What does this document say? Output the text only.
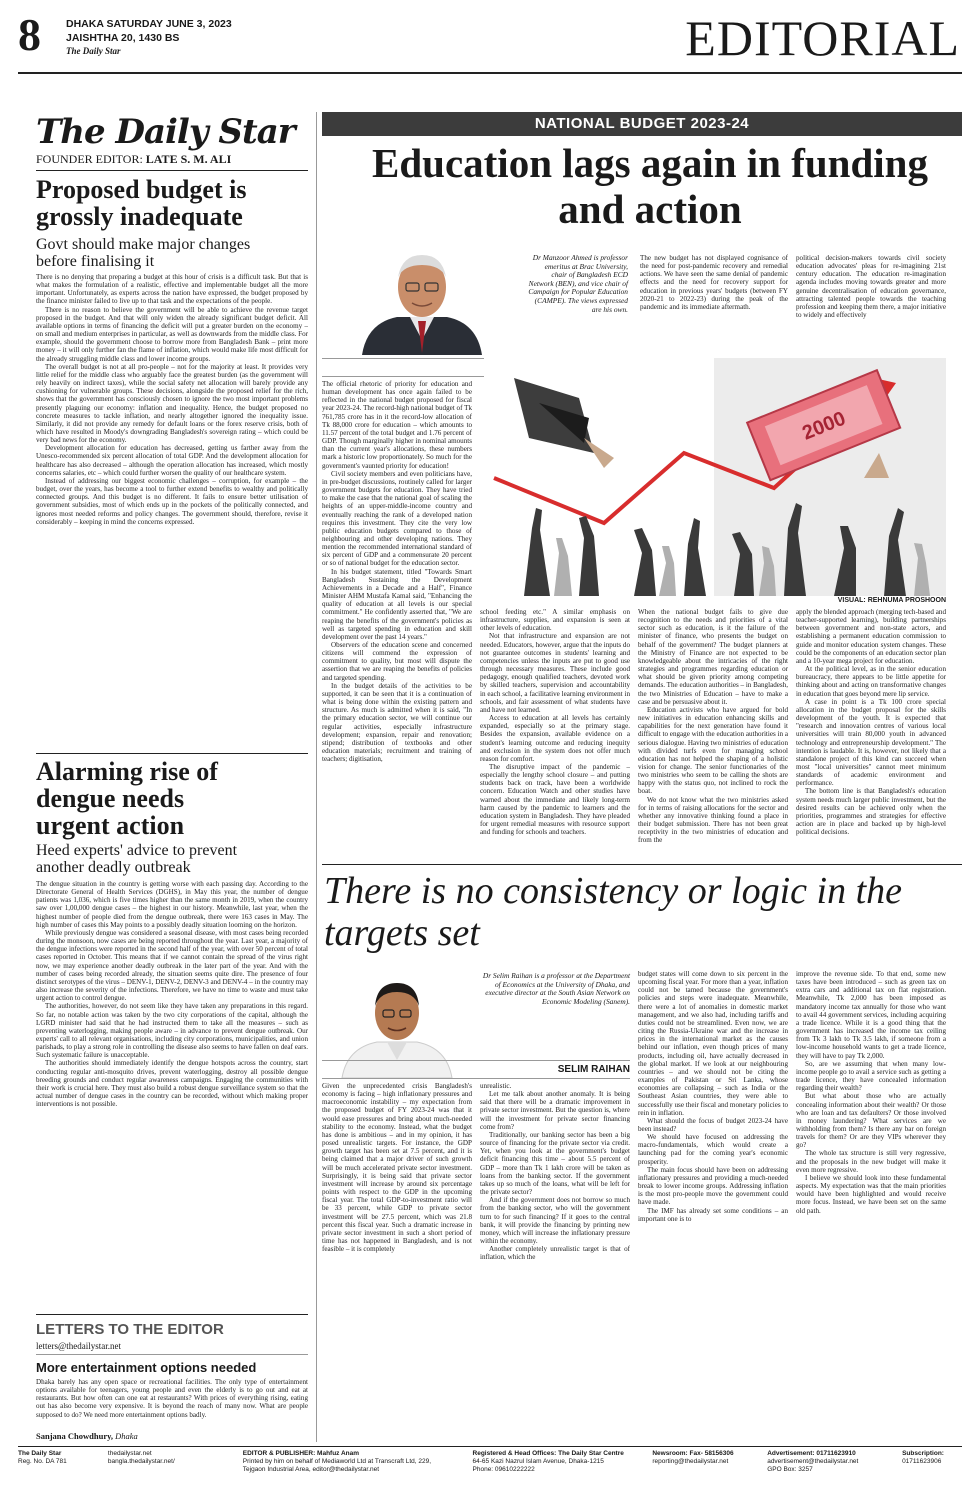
8 DHAKA SATURDAY JUNE 3, 2023
JAISHTHA 20, 1430 BS
The Daily Star	EDITORIAL
The Daily Star
FOUNDER EDITOR: LATE S. M. ALI
Proposed budget is grossly inadequate
Govt should make major changes before finalising it

There is no denying that preparing a budget at this hour of crisis is a difficult task. But that is what makes the formulation of a realistic, effective and implementable budget all the more important. Unfortunately, as experts across the nation have expressed, the budget proposed by the finance minister failed to live up to that task and the expectations of the people.

There is no reason to believe the government will be able to achieve the revenue target proposed in the budget. And that will only widen the already significant budget deficit. All available options in terms of financing the deficit will put a greater burden on the economy – on small and medium enterprises in particular, as well as downwards from the middle class. For example, should the government choose to borrow more from Bangladesh Bank – print more money – it will only further fan the flame of inflation, which would make life most difficult for the already struggling middle class and lower income groups.

The overall budget is not at all pro-people – not for the majority at least. It provides very little relief for the middle class who arguably face the greatest burden (as the government will rely heavily on indirect taxes), while the social safety net allocation will barely provide any cushioning for vulnerable groups. These decisions, alongside the proposed relief for the rich, shows that the government has consciously chosen to ignore the two most important problems presently plaguing our economy: inflation and inequality. Hence, the budget proposed no concrete measures to tackle inflation, and nearly altogether ignored the inequality issue. Similarly, it did not provide any remedy for default loans or the forex reserve crisis, both of which have resulted in Moody's downgrading Bangladesh's sovereign rating – which could be very bad news for the economy.

Development allocation for education has decreased, getting us farther away from the Unesco-recommended six percent allocation of total GDP. And the development allocation for healthcare has also decreased – although the operation allocation has increased, which mostly concerns salaries, etc – which could further worsen the quality of our healthcare system.

Instead of addressing our biggest economic challenges – corruption, for example – the budget, over the years, has become a tool to further extend benefits to wealthy and politically connected groups. And this budget is no different. It fails to ensure better utilisation of government subsidies, most of which ends up in the pockets of the politically connected, and ignores most needed reforms and policy changes. The government should, therefore, revise it considerably – keeping in mind the concerns expressed.

Alarming rise of dengue needs urgent action
Heed experts' advice to prevent another deadly outbreak

The dengue situation in the country is getting worse with each passing day. According to the Directorate General of Health Services (DGHS), in May this year, the number of dengue patients was 1,036, which is five times higher than the same month in 2019, when the country saw over 1,00,000 dengue cases – the highest in our history. Meanwhile, last year, when the highest number of people died from the dengue outbreak, there were 163 cases in May. The high number of cases this May points to a possibly deadly situation looming on the horizon.

While previously dengue was considered a seasonal disease, with most cases being recorded during the monsoon, now cases are being reported throughout the year. Last year, a majority of the dengue infections were reported in the second half of the year, with over 50 percent of total cases reported in October. This means that if we cannot contain the spread of the virus right now, we may experience another deadly outbreak in the later part of the year. And with the number of cases being recorded already, the situation seems quite dire. The presence of four distinct serotypes of the virus – DENV-1, DENV-2, DENV-3 and DENV-4 – in the country may also increase the severity of the infections. Therefore, we have no time to waste and must take urgent action to control dengue.

The authorities, however, do not seem like they have taken any preparations in this regard. So far, no notable action was taken by the two city corporations of the capital, although the LGRD minister had said that he had instructed them to take all the measures – such as preventing waterlogging, making people aware – in advance to prevent dengue outbreak. Our experts' call to all relevant organisations, including city corporations, municipalities, and union parishads, to play a strong role in controlling the disease also seems to have fallen on deaf ears. Such systematic failure is unacceptable.

The authorities should immediately identify the dengue hotspots across the country, start conducting regular anti-mosquito drives, prevent waterlogging, destroy all possible dengue breeding grounds and conduct regular awareness campaigns. Engaging the communities with their work is crucial here. They must also build a robust dengue surveillance system so that the actual number of dengue cases in the country can be recorded, without which making proper interventions is not possible.

LETTERS TO THE EDITOR
letters@thedailystar.net
More entertainment options needed

Dhaka barely has any open space or recreational facilities. The only type of entertainment options available for teenagers, young people and even the elderly is to go out and eat at restaurants. But how often can one eat at restaurants? With prices of everything rising, eating out has also become very expensive. It is beyond the reach of many now. What are people supposed to do? We need more entertainment options badly.

Sanjana Chowdhury, Dhaka
NATIONAL BUDGET 2023-24
Education lags again in funding and action
Dr Manzoor Ahmed is professor emeritus at Brac University, chair of Bangladesh ECD Network (BEN), and vice chair of Campaign for Popular Education (CAMPE). The views expressed are his own.

The new budget has not displayed cognisance of the need for post-pandemic recovery and remedial actions. We have seen the same denial of pandemic effects and the need for recovery support for education in previous years' budgets (between FY 2020-21 to 2022-23) during the peak of the pandemic and its immediate aftermath.

political decision-makers towards civil society education advocates' pleas for re-imagining 21st century education. The education re-imagination agenda includes moving towards greater and more genuine decentralisation of education governance, attracting talented people towards the teaching profession and keeping them there, a major initiative to widely and effectively

The official rhetoric of priority for education and human development has once again failed to be reflected in the national budget proposed for fiscal year 2023-24. The record-high national budget of Tk 761,785 crore has in it the record-low allocation of Tk 88,000 crore for education – which amounts to 11.57 percent of the total budget and 1.76 percent of GDP. Though marginally higher in nominal amounts than the current year's allocations, these numbers mark a historic low proportionately. So much for the government's vaunted priority for education!

Civil society members and even politicians have, in pre-budget discussions, routinely called for larger government budgets for education. They have tried to make the case that the national goal of scaling the heights of an upper-middle-income country and eventually reaching the rank of a developed nation requires this investment. They cite the very low public education budgets compared to those of neighbouring and other developing nations. They mention the recommended international standard of six percent of GDP and a commensurate 20 percent or so of national budget for the education sector.

In his budget statement, titled "Towards Smart Bangladesh Sustaining the Development Achievements in a Decade and a Half", Finance Minister AHM Mustafa Kamal said, "Enhancing the quality of education at all levels is our special commitment." He confidently asserted that, "We are reaping the benefits of the government's policies as well as targeted spending in education and skill development over the past 14 years."

Observers of the education scene and concerned citizens will commend the expression of commitment to quality, but most will dispute the assertion that we are reaping the benefits of policies and targeted spending.

In the budget details of the activities to be supported, it can be seen that it is a continuation of what is being done within the existing pattern and structure. As much is admitted when it is said, "In the primary education sector, we will continue our regular activities, especially infrastructure development; expansion, repair and renovation; stipend; distribution of textbooks and other education materials; recruitment and training of teachers; digitisation,

2000
VISUAL: REHNUMA PROSHOON

school feeding etc." A similar emphasis on infrastructure, supplies, and expansion is seen at other levels of education.

Not that infrastructure and expansion are not needed. Educators, however, argue that the inputs do not guarantee outcomes in students' learning and competencies unless the inputs are put to good use through necessary measures. These include good pedagogy, enough qualified teachers, devoted work by skilled teachers, supervision and accountability in each school, a facilitative learning environment in schools, and fair assessment of what students have and have not learned.

Access to education at all levels has certainly expanded, especially so at the primary stage. Besides the expansion, available evidence on a student's learning outcome and reducing inequity and exclusion in the system does not offer much reason for comfort.

The disruptive impact of the pandemic – especially the lengthy school closure – and putting students back on track, have been a worldwide concern. Education Watch and other studies have warned about the immediate and likely long-term harm caused by the pandemic to learners and the education system in Bangladesh. They have pleaded for urgent remedial measures with resource support and funding for schools and teachers.

When the national budget fails to give due recognition to the needs and priorities of a vital sector such as education, is it the failure of the minister of finance, who presents the budget on behalf of the government? The budget planners at the Ministry of Finance are not expected to be knowledgeable about the intricacies of the right strategies and programmes regarding education or what should be given priority among competing demands. The education authorities – in Bangladesh, the two Ministries of Education – have to make a case and be persuasive about it.

Education activists who have argued for bold new initiatives in education enhancing skills and capabilities for the next generation have found it difficult to engage with the education authorities in a serious dialogue. Having two ministries of education with divided turfs even for managing school education has not helped the shaping of a holistic vision for change. The senior functionaries of the two ministries who seem to be calling the shots are happy with the status quo, not inclined to rock the boat.

We do not know what the two ministries asked for in terms of raising allocations for the sector and whether any innovative thinking found a place in their budget submission. There has not been great receptivity in the two ministries of education and from the

apply the blended approach (merging tech-based and teacher-supported learning), building partnerships between government and non-state actors, and establishing a permanent education commission to guide and monitor education system changes. These could be the components of an education sector plan and a 10-year mega project for education.

At the political level, as in the senior education bureaucracy, there appears to be little appetite for thinking about and acting on transformative changes in education that goes beyond mere lip service.

A case in point is a Tk 100 crore special allocation in the budget proposal for the skills development of the youth. It is expected that "research and innovation centres of various local universities will train 80,000 youth in advanced technology and entrepreneurship development." The intention is laudable. It is, however, not likely that a standalone project of this kind can succeed when most "local universities" cannot meet minimum standards of academic environment and performance.

The bottom line is that Bangladesh's education system needs much larger public investment, but the desired results can be achieved only when the priorities, programmes and strategies for effective action are in place and backed up by high-level political decisions.

There is no consistency or logic in the targets set
Dr Selim Raihan is a professor at the Department of Economics at the University of Dhaka, and executive director at the South Asian Network on Economic Modeling (Sanem).
SELIM RAIHAN

Given the unprecedented crisis Bangladesh's economy is facing – high inflationary pressures and macroeconomic instability – my expectation from the proposed budget of FY 2023-24 was that it would ease pressures and bring about much-needed stability to the economy. Instead, what the budget has done is ambitious – and in my opinion, it has posed unrealistic targets. For instance, the GDP growth target has been set at 7.5 percent, and it is being claimed that a major driver of such growth will be much accelerated private sector investment. Surprisingly, it is being said that private sector investment will increase by around six percentage points with respect to the GDP in the upcoming fiscal year. The total GDP-to-investment ratio will be 33 percent, while GDP to private sector investment will be 27.5 percent, which was 21.8 percent this fiscal year. Such a dramatic increase in private sector investment in such a short period of time has not happened in Bangladesh, and is not feasible – it is completely

unrealistic.

Let me talk about another anomaly. It is being said that there will be a dramatic improvement in private sector investment. But the question is, where will the investment for private sector financing come from?

Traditionally, our banking sector has been a big source of financing for the private sector via credit. Yet, when you look at the government's budget deficit financing this time – about 5.5 percent of GDP – more than Tk 1 lakh crore will be taken as loans from the banking sector. If the government takes up so much of the loans, what will be left for the private sector?

And if the government does not borrow so much from the banking sector, who will the government turn to for such financing? If it goes to the central bank, it will provide the financing by printing new money, which will increase the inflationary pressure within the economy.

Another completely unrealistic target is that of inflation, which the

budget states will come down to six percent in the upcoming fiscal year. For more than a year, inflation could not be tamed because the government's policies and steps were inadequate. Meanwhile, there were a lot of anomalies in domestic market management, and we also had, including tariffs and duties could not be streamlined. Even now, we are citing the Russia-Ukraine war and the increase in prices in the international market as the causes behind our inflation, even though prices of many products, including oil, have actually decreased in the global market. If we look at our neighbouring countries – and we should not be citing the examples of Pakistan or Sri Lanka, whose economies are collapsing – such as India or the Southeast Asian countries, they were able to successfully use their fiscal and monetary policies to rein in inflation.

What should the focus of budget 2023-24 have been instead?

We should have focused on addressing the macro-fundamentals, which would create a launching pad for the coming year's economic prosperity.

The main focus should have been on addressing inflationary pressures and providing a much-needed break to lower income groups. Addressing inflation is the most pro-people move the government could have made.

The IMF has already set some conditions – an important one is to

improve the revenue side. To that end, some new taxes have been introduced – such as green tax on extra cars and additional tax on flat registration. Meanwhile, Tk 2,000 has been imposed as mandatory income tax annually for those who want to avail 44 government services, including acquiring a trade licence. While it is a good thing that the government has increased the income tax ceiling from Tk 3 lakh to Tk 3.5 lakh, if someone from a low-income household wants to get a trade licence, they will have to pay Tk 2,000.

So, are we assuming that when many low-income people go to avail a service such as getting a trade licence, they have concealed information regarding their wealth?

But what about those who are actually concealing information about their wealth? Or those who are loan and tax defaulters? Or those involved in money laundering? What services are we withholding from them? Is there any bar on foreign travels for them? Or are they VIPs wherever they go?

The whole tax structure is still very regressive, and the proposals in the new budget will make it even more regressive.

I believe we should look into these fundamental aspects. My expectation was that the main priorities would have been highlighted and would receive more focus. Instead, we have been set on the same old path.

The Daily Star
Reg. No. DA 781
thedailystar.net
bangla.thedailystar.net/
EDITOR & PUBLISHER: Mahfuz Anam
Printed by him on behalf of Mediaworld Ltd at Transcraft Ltd, 229,
Tejgaon Industrial Area, editor@thedailystar.net
Registered & Head Offices: The Daily Star Centre
64-65 Kazi Nazrul Islam Avenue, Dhaka-1215
Phone: 09610222222
Newsroom: Fax- 58156306
reporting@thedailystar.net
Advertisement: 01711623910
advertisement@thedailystar.net
GPO Box: 3257
Subscription:
01711623906
